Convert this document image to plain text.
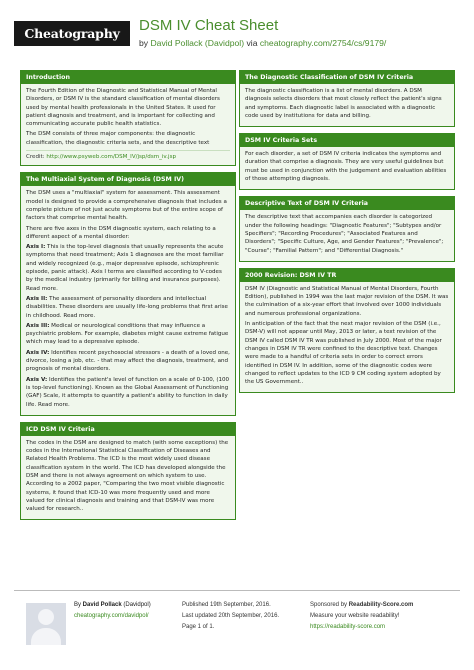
Cheatography	DSM IV Cheat Sheet
by David Pollack (Davidpol) via cheatography.com/2754/cs/9179/
Introduction

The Fourth Edition of the Diagnostic and Statistical Manual of Mental Disorders, or DSM IV is the standard classification of mental disorders used by mental health professionals in the United States. It used for patient diagnosis and treatment, and is important for collecting and communicating accurate public health statistics.

The DSM consists of three major components: the diagnostic classification, the diagnostic criteria sets, and the descriptive text

Credit: http://www.psyweb.com/DSM_IV/jsp/dsm_iv.jsp
The Multiaxial System of Diagnosis (DSM IV)

The DSM uses a "multiaxial" system for assessment. This assessment model is designed to provide a comprehensive diagnosis that includes a complete picture of not just acute symptoms but of the entire scope of factors that comprise mental health.

There are five axes in the DSM diagnostic system, each relating to a different aspect of a mental disorder:

Axis I: This is the top-level diagnosis that usually represents the acute symptoms that need treatment; Axis 1 diagnoses are the most familiar and widely recognized (e.g., major depressive episode, schizophrenic episode, panic attack). Axis I terms are classified according to V-codes by the medical industry (primarily for billing and insurance purposes). Read more.

Axis II: The assessment of personality disorders and intellectual disabilities. These disorders are usually life-long problems that first arise in childhood. Read more.

Axis III: Medical or neurological conditions that may influence a psychiatric problem. For example, diabetes might cause extreme fatigue which may lead to a depressive episode.

Axis IV: Identifies recent psychosocial stressors - a death of a loved one, divorce, losing a job, etc. - that may affect the diagnosis, treatment, and prognosis of mental disorders.

Axis V: Identifies the patient's level of function on a scale of 0-100, (100 is top-level functioning). Known as the Global Assessment of Functioning (GAF) Scale, it attempts to quantify a patient's ability to function in daily life. Read more.

ICD DSM IV Criteria

The codes in the DSM are designed to match (with some exceptions) the codes in the International Statistical Classification of Diseases and Related Health Problems. The ICD is the most widely used disease classification system in the world. The ICD has developed alongside the DSM and there is not always agreement on which system to use. According to a 2002 paper, "Comparing the two most visible diagnostic systems, it found that ICD-10 was more frequently used and more valued for clinical diagnosis and training and that DSM-IV was more valued for research..

The Diagnostic Classification of DSM IV Criteria

The diagnostic classification is a list of mental disorders. A DSM diagnosis selects disorders that most closely reflect the patient's signs and symptoms. Each diagnostic label is associated with a diagnostic code used by institutions for data and billing.

DSM IV Criteria Sets

For each disorder, a set of DSM IV criteria indicates the symptoms and duration that comprise a diagnosis. They are very useful guidelines but must be used in conjunction with the judgement and evaluation abilities of those attempting diagnosis.

Descriptive Text of DSM IV Criteria

The descriptive text that accompanies each disorder is categorized under the following headings: "Diagnostic Features"; "Subtypes and/or Specifiers"; "Recording Procedures"; "Associated Features and Disorders"; "Specific Culture, Age, and Gender Features"; "Prevalence"; "Course"; "Familial Pattern"; and "Differential Diagnosis."

2000 Revision: DSM IV TR

DSM IV (Diagnostic and Statistical Manual of Mental Disorders, Fourth Edition), published in 1994 was the last major revision of the DSM. It was the culmination of a six-year effort that involved over 1000 individuals and numerous professional organizations.

In anticipation of the fact that the next major revision of the DSM (i.e., DSM-V) will not appear until May, 2013 or later, a text revision of the DSM IV called DSM IV TR was published in July 2000. Most of the major changes in DSM IV TR were confined to the descriptive text. Changes were made to a handful of criteria sets in order to correct errors identified in DSM IV. In addition, some of the diagnostic codes were changed to reflect updates to the ICD 9 CM coding system adopted by the US Government..

By David Pollack (Davidpol)
cheatography.com/davidpol/
Published 19th September, 2016.
Last updated 20th September, 2016.
Page 1 of 1.
Sponsored by Readability-Score.com
Measure your website readability!
https://readability-score.com
